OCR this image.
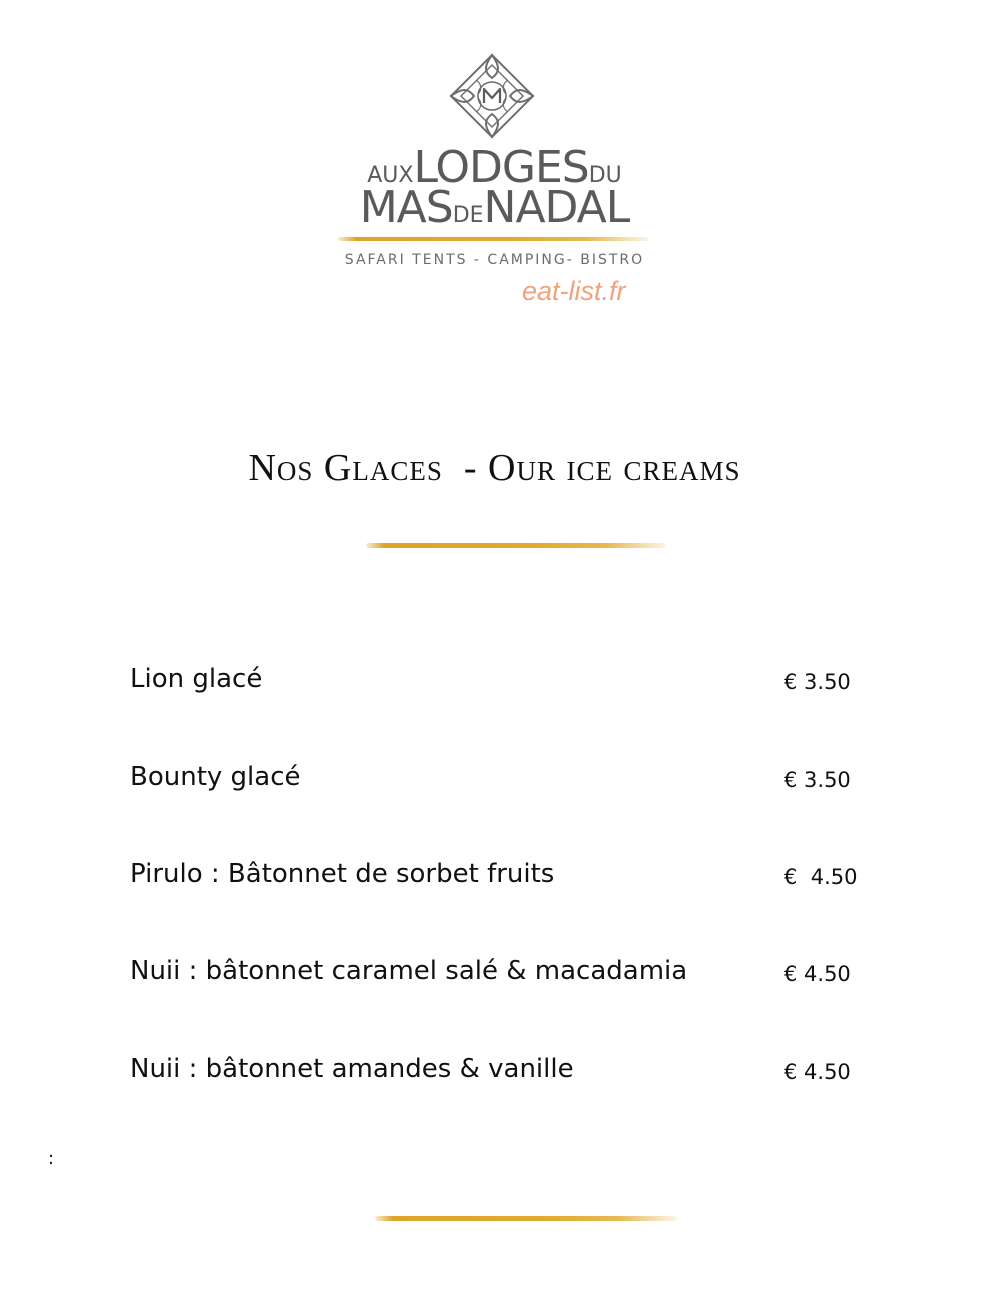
AUXLODGESDU
MASDENADAL
SAFARI TENTS - CAMPING- BISTRO
eat-list.fr
Nos Glaces  - Our ice creams
Lion glacé	€ 3.50
Bounty glacé	€ 3.50
Pirulo : Bâtonnet de sorbet fruits	€  4.50
Nuii : bâtonnet caramel salé & macadamia	€ 4.50
Nuii : bâtonnet amandes & vanille	€ 4.50
:
